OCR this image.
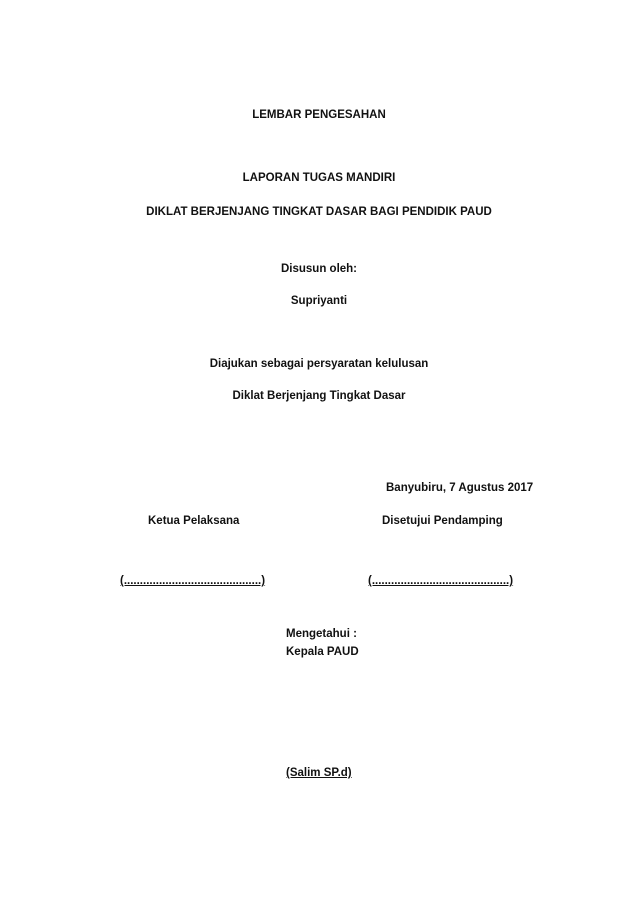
LEMBAR PENGESAHAN
LAPORAN TUGAS MANDIRI
DIKLAT BERJENJANG TINGKAT DASAR BAGI PENDIDIK PAUD
Disusun oleh:
Supriyanti
Diajukan sebagai persyaratan kelulusan
Diklat Berjenjang Tingkat Dasar
Banyubiru, 7 Agustus 2017
Ketua Pelaksana	Disetujui Pendamping
(...........................................)	(...........................................)
Mengetahui :
Kepala PAUD
(Salim SP.d)
